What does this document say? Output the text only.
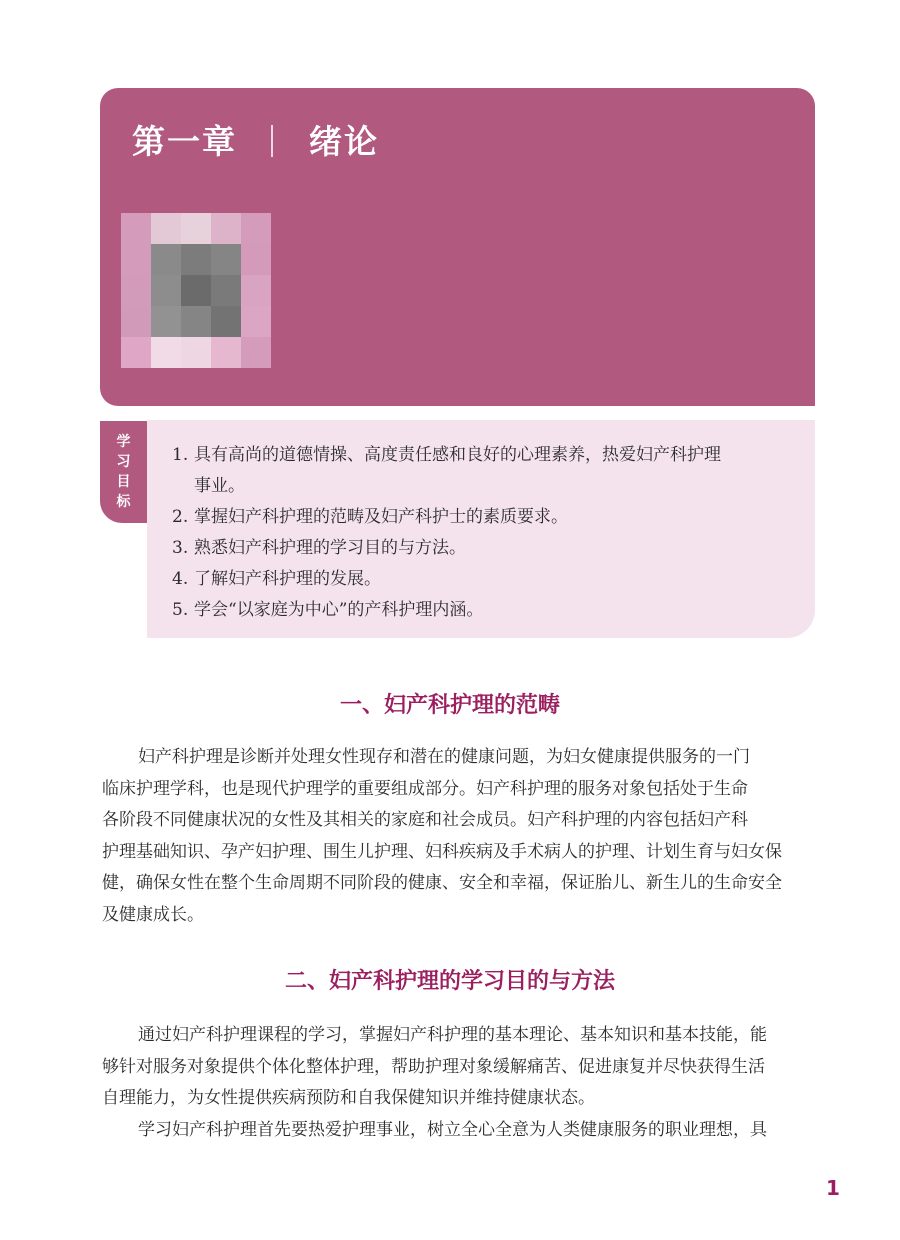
第一章 绪论
学
习
目
标
1. 具有高尚的道德情操、高度责任感和良好的心理素养，热爱妇产科护理
事业。
2. 掌握妇产科护理的范畴及妇产科护士的素质要求。
3. 熟悉妇产科护理的学习目的与方法。
4. 了解妇产科护理的发展。
5. 学会“以家庭为中心”的产科护理内涵。
一、妇产科护理的范畴

妇产科护理是诊断并处理女性现存和潜在的健康问题，为妇女健康提供服务的一门
临床护理学科，也是现代护理学的重要组成部分。妇产科护理的服务对象包括处于生命
各阶段不同健康状况的女性及其相关的家庭和社会成员。妇产科护理的内容包括妇产科
护理基础知识、孕产妇护理、围生儿护理、妇科疾病及手术病人的护理、计划生育与妇女保
健，确保女性在整个生命周期不同阶段的健康、安全和幸福，保证胎儿、新生儿的生命安全
及健康成长。

二、妇产科护理的学习目的与方法

通过妇产科护理课程的学习，掌握妇产科护理的基本理论、基本知识和基本技能，能
够针对服务对象提供个体化整体护理，帮助护理对象缓解痛苦、促进康复并尽快获得生活
自理能力，为女性提供疾病预防和自我保健知识并维持健康状态。
学习妇产科护理首先要热爱护理事业，树立全心全意为人类健康服务的职业理想，具

1
